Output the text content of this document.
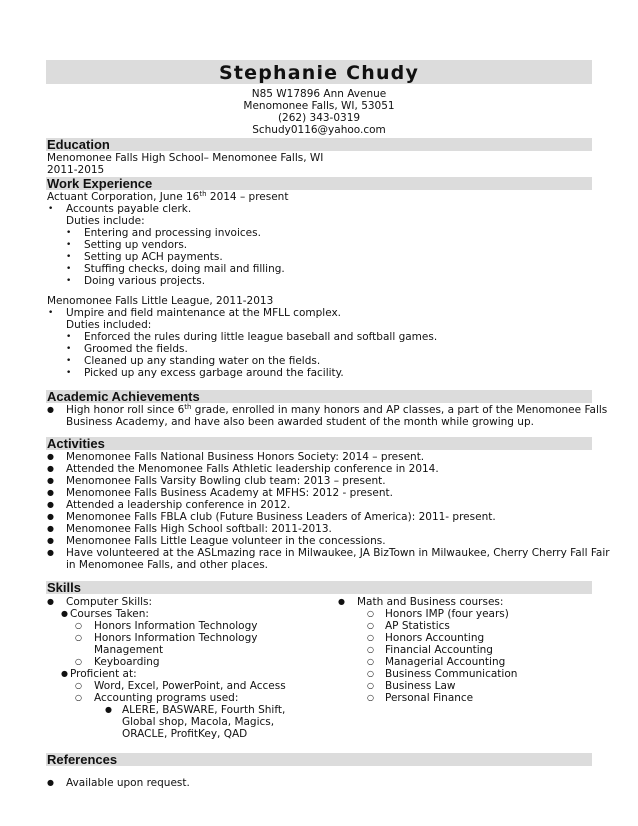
Stephanie Chudy
N85 W17896 Ann Avenue
Menomonee Falls, WI, 53051
(262) 343-0319
Schudy0116@yahoo.com
Education
Menomonee Falls High School– Menomonee Falls, WI
2011-2015
Work Experience
Actuant Corporation, June 16th 2014 – present
• Accounts payable clerk.
Duties include:
• Entering and processing invoices.
• Setting up vendors.
• Setting up ACH payments.
• Stuffing checks, doing mail and filling.
• Doing various projects.
Menomonee Falls Little League, 2011-2013
• Umpire and field maintenance at the MFLL complex.
Duties included:
• Enforced the rules during little league baseball and softball games.
• Groomed the fields.
• Cleaned up any standing water on the fields.
• Picked up any excess garbage around the facility.
Academic Achievements
● High honor roll since 6th grade, enrolled in many honors and AP classes, a part of the Menomonee Falls
Business Academy, and have also been awarded student of the month while growing up.
Activities
● Menomonee Falls National Business Honors Society: 2014 – present.
● Attended the Menomonee Falls Athletic leadership conference in 2014.
● Menomonee Falls Varsity Bowling club team: 2013 – present.
● Menomonee Falls Business Academy at MFHS: 2012 - present.
● Attended a leadership conference in 2012.
● Menomonee Falls FBLA club (Future Business Leaders of America): 2011- present.
● Menomonee Falls High School softball: 2011-2013.
● Menomonee Falls Little League volunteer in the concessions.
● Have volunteered at the ASLmazing race in Milwaukee, JA BizTown in Milwaukee, Cherry Cherry Fall Fair
in Menomonee Falls, and other places.
Skills
● Computer Skills:
● Courses Taken:
○ Honors Information Technology
○ Honors Information Technology
Management
○ Keyboarding
● Proficient at:
○ Word, Excel, PowerPoint, and Access
○ Accounting programs used:
● ALERE, BASWARE, Fourth Shift,
Global shop, Macola, Magics,
ORACLE, ProfitKey, QAD
● Math and Business courses:
○ Honors IMP (four years)
○ AP Statistics
○ Honors Accounting
○ Financial Accounting
○ Managerial Accounting
○ Business Communication
○ Business Law
○ Personal Finance
References
● Available upon request.
